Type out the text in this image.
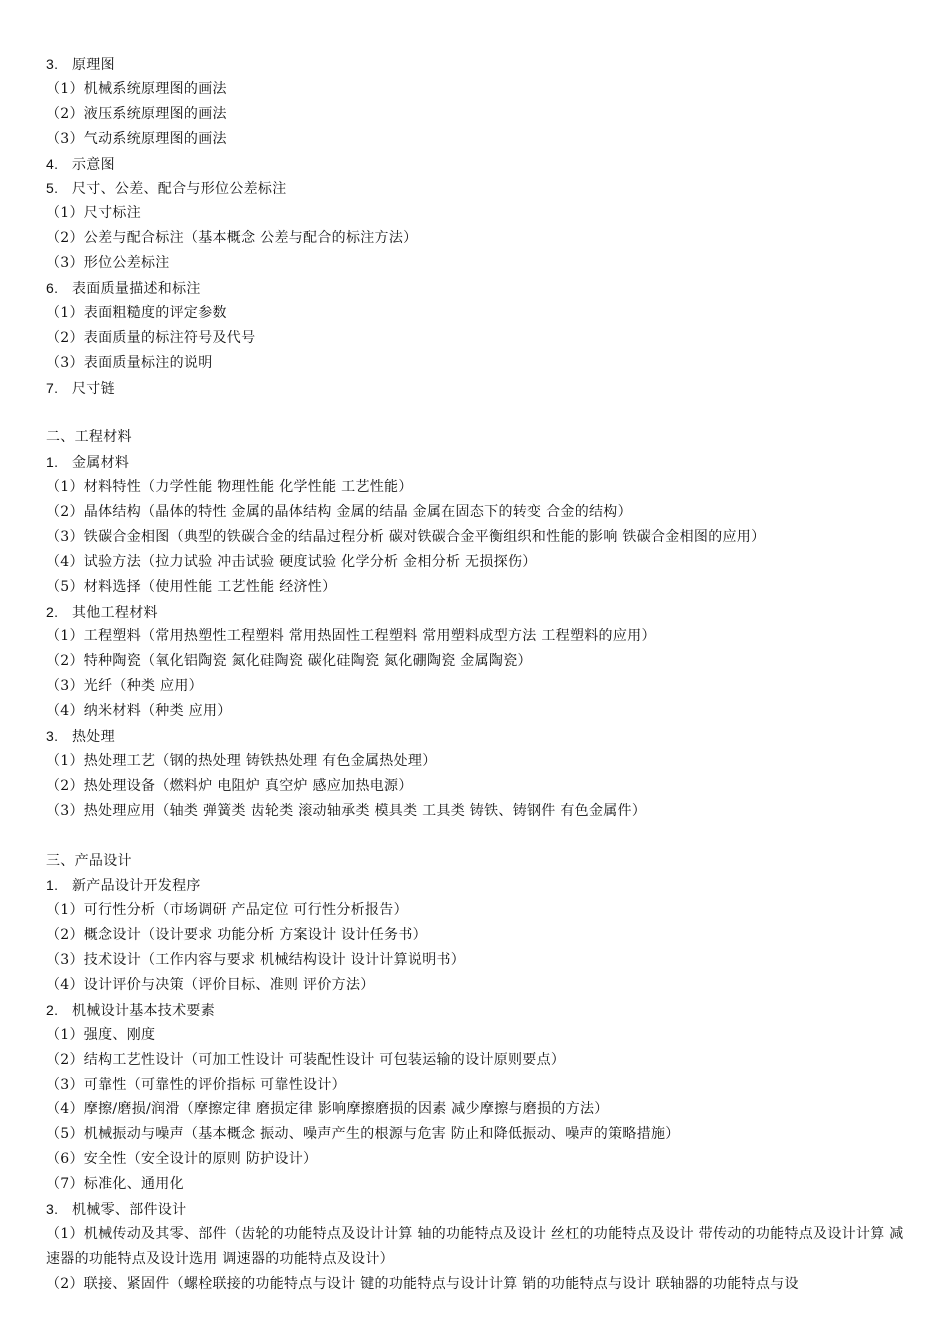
3. 原理图
（1）机械系统原理图的画法
（2）液压系统原理图的画法
（3）气动系统原理图的画法
4. 示意图
5. 尺寸、公差、配合与形位公差标注
（1）尺寸标注
（2）公差与配合标注（基本概念 公差与配合的标注方法）
（3）形位公差标注
6. 表面质量描述和标注
（1）表面粗糙度的评定参数
（2）表面质量的标注符号及代号
（3）表面质量标注的说明
7. 尺寸链
二、工程材料
1. 金属材料
（1）材料特性（力学性能 物理性能 化学性能 工艺性能）
（2）晶体结构（晶体的特性 金属的晶体结构 金属的结晶 金属在固态下的转变 合金的结构）
（3）铁碳合金相图（典型的铁碳合金的结晶过程分析 碳对铁碳合金平衡组织和性能的影响 铁碳合金相图的应用）
（4）试验方法（拉力试验 冲击试验 硬度试验 化学分析 金相分析 无损探伤）
（5）材料选择（使用性能 工艺性能 经济性）
2. 其他工程材料
（1）工程塑料（常用热塑性工程塑料 常用热固性工程塑料 常用塑料成型方法 工程塑料的应用）
（2）特种陶瓷（氧化铝陶瓷 氮化硅陶瓷 碳化硅陶瓷 氮化硼陶瓷 金属陶瓷）
（3）光纤（种类 应用）
（4）纳米材料（种类 应用）
3. 热处理
（1）热处理工艺（钢的热处理 铸铁热处理 有色金属热处理）
（2）热处理设备（燃料炉 电阻炉 真空炉 感应加热电源）
（3）热处理应用（轴类 弹簧类 齿轮类 滚动轴承类 模具类 工具类 铸铁、铸钢件 有色金属件）
三、产品设计
1. 新产品设计开发程序
（1）可行性分析（市场调研 产品定位 可行性分析报告）
（2）概念设计（设计要求 功能分析 方案设计 设计任务书）
（3）技术设计（工作内容与要求 机械结构设计 设计计算说明书）
（4）设计评价与决策（评价目标、准则 评价方法）
2. 机械设计基本技术要素
（1）强度、刚度
（2）结构工艺性设计（可加工性设计 可装配性设计 可包装运输的设计原则要点）
（3）可靠性（可靠性的评价指标 可靠性设计）
（4）摩擦/磨损/润滑（摩擦定律 磨损定律 影响摩擦磨损的因素 减少摩擦与磨损的方法）
（5）机械振动与噪声（基本概念 振动、噪声产生的根源与危害 防止和降低振动、噪声的策略措施）
（6）安全性（安全设计的原则 防护设计）
（7）标准化、通用化
3. 机械零、部件设计
（1）机械传动及其零、部件（齿轮的功能特点及设计计算 轴的功能特点及设计 丝杠的功能特点及设计 带传动的功能特点及设计计算 减速器的功能特点及设计选用 调速器的功能特点及设计）
（2）联接、紧固件（螺栓联接的功能特点与设计 键的功能特点与设计计算 销的功能特点与设计 联轴器的功能特点与设
